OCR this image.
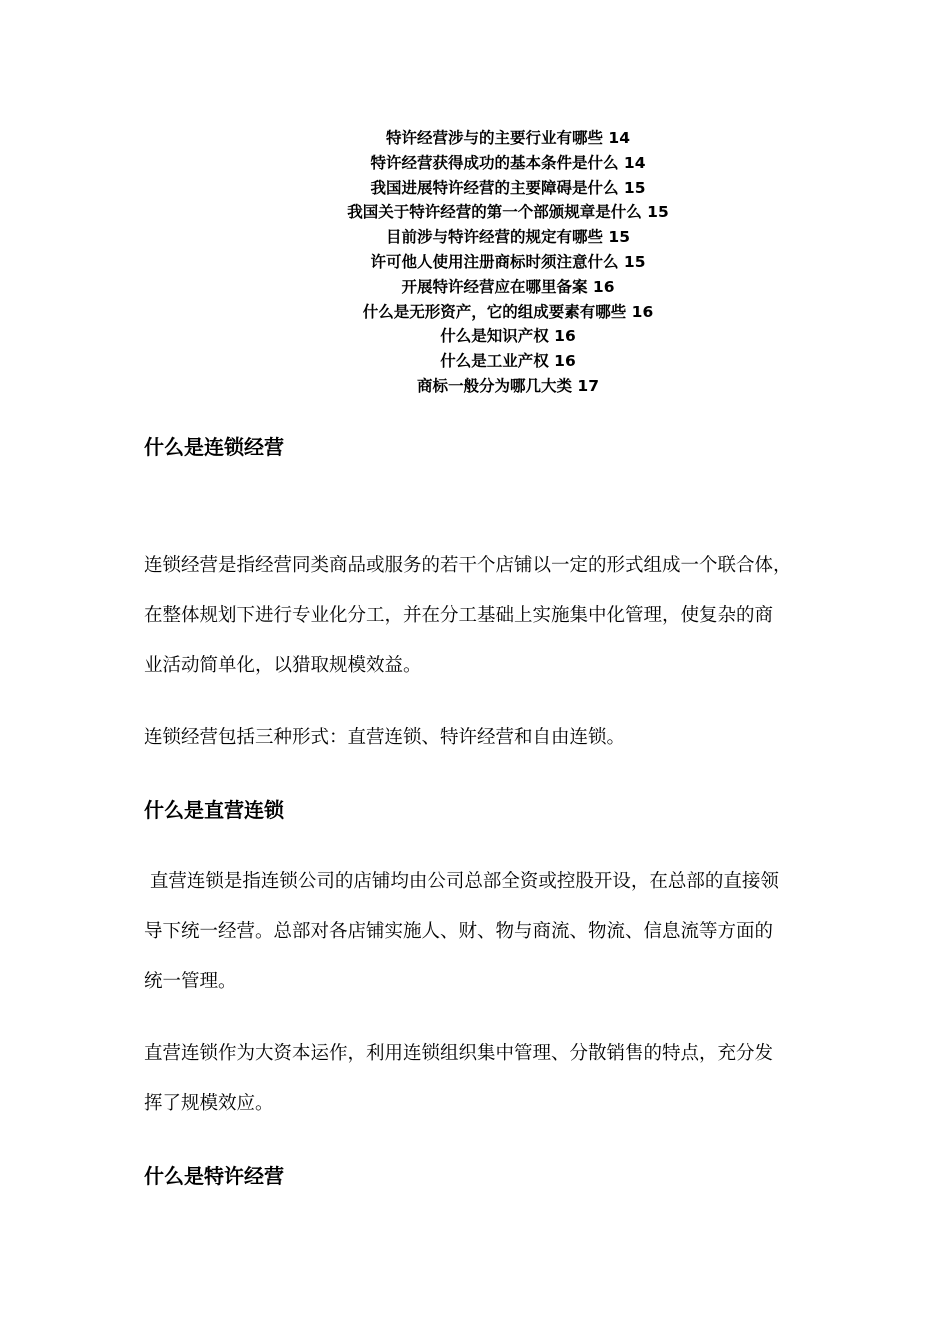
特许经营涉与的主要行业有哪些 14
特许经营获得成功的基本条件是什么 14
我国进展特许经营的主要障碍是什么 15
我国关于特许经营的第一个部颁规章是什么 15
目前涉与特许经营的规定有哪些 15
许可他人使用注册商标时须注意什么 15
开展特许经营应在哪里备案 16
什么是无形资产，它的组成要素有哪些 16
什么是知识产权 16
什么是工业产权 16
商标一般分为哪几大类 17
什么是连锁经营
连锁经营是指经营同类商品或服务的若干个店铺以一定的形式组成一个联合体，
在整体规划下进行专业化分工，并在分工基础上实施集中化管理，使复杂的商
业活动简单化，以猎取规模效益。
连锁经营包括三种形式：直营连锁、特许经营和自由连锁。
什么是直营连锁
直营连锁是指连锁公司的店铺均由公司总部全资或控股开设，在总部的直接领
导下统一经营。总部对各店铺实施人、财、物与商流、物流、信息流等方面的
统一管理。
直营连锁作为大资本运作，利用连锁组织集中管理、分散销售的特点，充分发
挥了规模效应。
什么是特许经营
